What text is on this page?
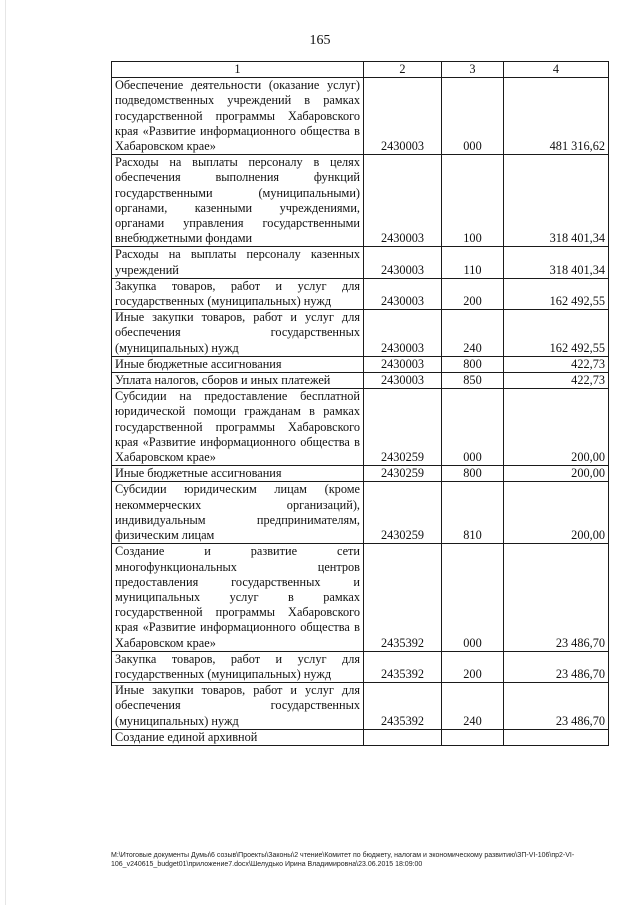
165
1	2	3	4
Обеспечение деятельности (оказание услуг) подведомственных учреждений в рамках государственной программы Хабаровского края «Развитие информационного общества в Хабаровском крае»	2430003	000	481 316,62
Расходы на выплаты персоналу в целях обеспечения выполнения функций государственными (муниципальными) органами, казенными учреждениями, органами управления государственными внебюджетными фондами	2430003	100	318 401,34
Расходы на выплаты персоналу казенных учреждений	2430003	110	318 401,34
Закупка товаров, работ и услуг для государственных (муниципальных) нужд	2430003	200	162 492,55
Иные закупки товаров, работ и услуг для обеспечения государственных (муниципальных) нужд	2430003	240	162 492,55
Иные бюджетные ассигнования	2430003	800	422,73
Уплата налогов, сборов и иных платежей	2430003	850	422,73
Субсидии на предоставление бесплатной юридической помощи гражданам в рамках государственной программы Хабаровского края «Развитие информационного общества в Хабаровском крае»	2430259	000	200,00
Иные бюджетные ассигнования	2430259	800	200,00
Субсидии юридическим лицам (кроме некоммерческих организаций), индивидуальным предпринимателям, физическим лицам	2430259	810	200,00
Создание и развитие сети многофункциональных центров предоставления государственных и муниципальных услуг в рамках государственной программы Хабаровского края «Развитие информационного общества в Хабаровском крае»	2435392	000	23 486,70
Закупка товаров, работ и услуг для государственных (муниципальных) нужд	2435392	200	23 486,70
Иные закупки товаров, работ и услуг для обеспечения государственных (муниципальных) нужд	2435392	240	23 486,70
Создание единой архивной			
М:\Итоговые документы Думы\6 созыв\Проекты\Законы\2 чтение\Комитет по бюджету, налогам и экономическому развитию\ЗП-VI-106\пр2-VI-106_v240615_budget01\приложение7.docx\Шелудько Ирина Владимировна\23.06.2015 18:09:00
